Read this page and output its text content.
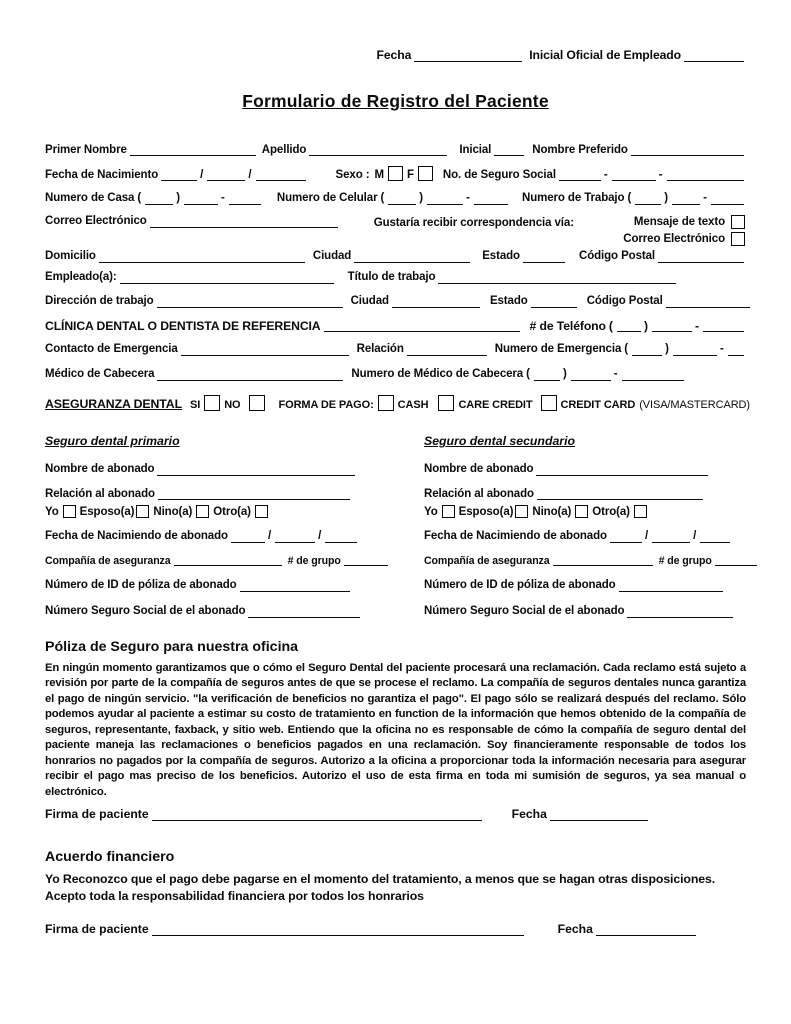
Fecha	Inicial Oficial de Empleado
Formulario de Registro del Paciente
Primer Nombre	Apellido	Inicial	Nombre Preferido
Fecha de Nacimiento	/	/	Sexo : M F	No. de Seguro Social	-	-
Numero de Casa (	)	-	Numero de Celular (	)	-	Numero de Trabajo (	)	-
Correo Electrónico	Gustaría recibir correspondencia vía:	Mensaje de texto
Correo Electrónico
Domicilio	Ciudad	Estado	Código Postal
Empleado(a):	Título de trabajo
Dirección de trabajo	Ciudad	Estado	Código Postal
CLÍNICA DENTAL O DENTISTA DE REFERENCIA	# de Teléfono (	)	-
Contacto de Emergencia	Relación	Numero de Emergencia (	)	-
Médico de Cabecera	Numero de Médico de Cabecera (	)	-
ASEGURANZA DENTAL SI NO	FORMA DE PAGO: CASH	CARE CREDIT	CREDIT CARD (VISA/MASTERCARD)
Seguro dental primario
Nombre de abonado
Relación al abonado
Yo Esposo(a) Nino(a) Otro(a)
Fecha de Nacimiendo de abonado	/	/
Compañía de aseguranza	# de grupo
Número de ID de póliza de abonado
Número Seguro Social de el abonado
Seguro dental secundario
Nombre de abonado
Relación al abonado
Yo Esposo(a) Nino(a) Otro(a)
Fecha de Nacimiendo de abonado	/	/
Compañía de aseguranza	# de grupo
Número de ID de póliza de abonado
Número Seguro Social de el abonado
Póliza de Seguro para nuestra oficina

En ningún momento garantizamos que o cómo el Seguro Dental del paciente procesará una reclamación. Cada reclamo está sujeto a revisión por parte de la compañía de seguros antes de que se procese el reclamo. La compañía de seguros dentales nunca garantiza el pago de ningún servicio. "la verificación de beneficios no garantiza el pago". El pago sólo se realizará después del reclamo. Sólo podemos ayudar al paciente a estimar su costo de tratamiento en function de la información que hemos obtenido de la compañía de seguros, representante, faxback, y sitio web. Entiendo que la oficina no es responsable de cómo la compañía de seguro dental del paciente maneja las reclamaciones o beneficios pagados en una reclamación. Soy financieramente responsable de todos los honrarios no pagados por la compañía de seguros. Autorizo a la oficina a proporcionar toda la información necesaria para asegurar recibir el pago mas preciso de los beneficios. Autorizo el uso de esta firma en toda mi sumisión de seguros, ya sea manual o electrónico.

Firma de paciente	Fecha
Acuerdo financiero

Yo Reconozco que el pago debe pagarse en el momento del tratamiento, a menos que se hagan otras disposiciones. Acepto toda la responsabilidad financiera por todos los honrarios

Firma de paciente	Fecha
